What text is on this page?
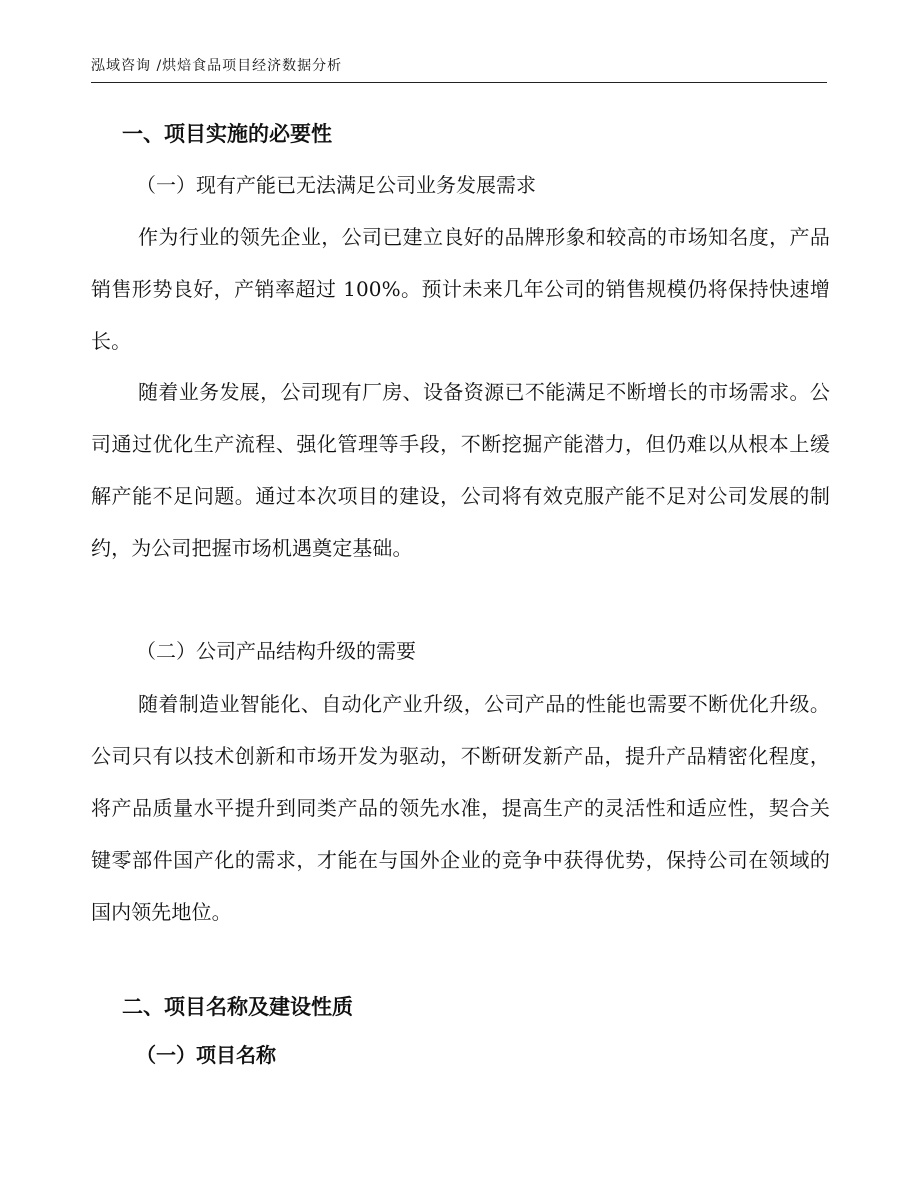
泓域咨询 /烘焙食品项目经济数据分析
一、项目实施的必要性
（一）现有产能已无法满足公司业务发展需求
作为行业的领先企业，公司已建立良好的品牌形象和较高的市场知名度，产品销售形势良好，产销率超过 100%。预计未来几年公司的销售规模仍将保持快速增长。
随着业务发展，公司现有厂房、设备资源已不能满足不断增长的市场需求。公司通过优化生产流程、强化管理等手段，不断挖掘产能潜力，但仍难以从根本上缓解产能不足问题。通过本次项目的建设，公司将有效克服产能不足对公司发展的制约，为公司把握市场机遇奠定基础。
（二）公司产品结构升级的需要
随着制造业智能化、自动化产业升级，公司产品的性能也需要不断优化升级。公司只有以技术创新和市场开发为驱动，不断研发新产品，提升产品精密化程度，将产品质量水平提升到同类产品的领先水准，提高生产的灵活性和适应性，契合关键零部件国产化的需求，才能在与国外企业的竞争中获得优势，保持公司在领域的国内领先地位。
二、项目名称及建设性质
（一）项目名称
